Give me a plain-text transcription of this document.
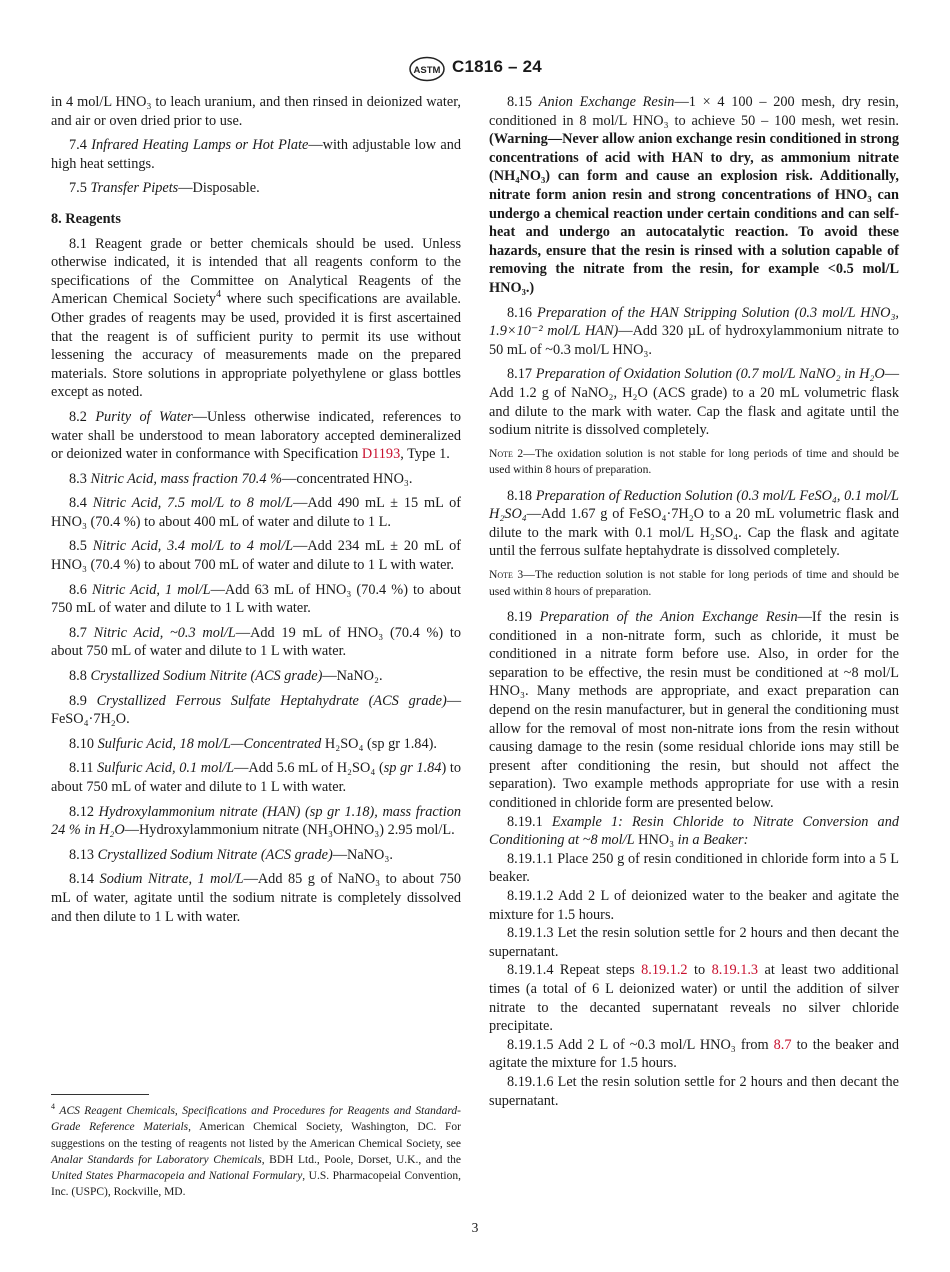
ASTM C1816 – 24

in 4 mol/L HNO₃ to leach uranium, and then rinsed in deionized water, and air or oven dried prior to use.

7.4 Infrared Heating Lamps or Hot Plate—with adjustable low and high heat settings.

7.5 Transfer Pipets—Disposable.

8. Reagents

8.1 Reagent grade or better chemicals should be used. Unless otherwise indicated, it is intended that all reagents conform to the specifications of the Committee on Analytical Reagents of the American Chemical Society$^4$ where such specifications are available. Other grades of reagents may be used, provided it is first ascertained that the reagent is of sufficient purity to permit its use without lessening the accuracy of measurements made on the prepared materials. Store solutions in appropriate polyethylene or glass bottles except as noted.

8.2 Purity of Water—Unless otherwise indicated, references to water shall be understood to mean laboratory accepted demineralized or deionized water in conformance with Specification D1193, Type 1.

8.3 Nitric Acid, mass fraction 70.4 %—concentrated HNO₃.

8.4 Nitric Acid, 7.5 mol/L to 8 mol/L—Add 490 mL ± 15 mL of HNO₃ (70.4 %) to about 400 mL of water and dilute to 1 L.

8.5 Nitric Acid, 3.4 mol/L to 4 mol/L—Add 234 mL ± 20 mL of HNO₃ (70.4 %) to about 700 mL of water and dilute to 1 L with water.

8.6 Nitric Acid, 1 mol/L—Add 63 mL of HNO₃ (70.4 %) to about 750 mL of water and dilute to 1 L with water.

8.7 Nitric Acid, ~0.3 mol/L—Add 19 mL of HNO₃ (70.4 %) to about 750 mL of water and dilute to 1 L with water.

8.8 Crystallized Sodium Nitrite (ACS grade)—NaNO₂.

8.9 Crystallized Ferrous Sulfate Heptahydrate (ACS grade)—FeSO₄·7H₂O.

8.10 Sulfuric Acid, 18 mol/L—Concentrated H₂SO₄ (sp gr 1.84).

8.11 Sulfuric Acid, 0.1 mol/L—Add 5.6 mL of H₂SO₄ (sp gr 1.84) to about 750 mL of water and dilute to 1 L with water.

8.12 Hydroxylammonium nitrate (HAN) (sp gr 1.18), mass fraction 24 % in H₂O—Hydroxylammonium nitrate (NH₃OHNO₃) 2.95 mol/L.

8.13 Crystallized Sodium Nitrate (ACS grade)—NaNO₃.

8.14 Sodium Nitrate, 1 mol/L—Add 85 g of NaNO₃ to about 750 mL of water, agitate until the sodium nitrate is completely dissolved and then dilute to 1 L with water.

$^4$ ACS Reagent Chemicals, Specifications and Procedures for Reagents and Standard-Grade Reference Materials, American Chemical Society, Washington, DC. For suggestions on the testing of reagents not listed by the American Chemical Society, see Analar Standards for Laboratory Chemicals, BDH Ltd., Poole, Dorset, U.K., and the United States Pharmacopeia and National Formulary, U.S. Pharmacopeial Convention, Inc. (USPC), Rockville, MD.

8.15 Anion Exchange Resin—1 × 4 100 – 200 mesh, dry resin, conditioned in 8 mol/L HNO₃ to achieve 50 – 100 mesh, wet resin. (Warning—Never allow anion exchange resin conditioned in strong concentrations of acid with HAN to dry, as ammonium nitrate (NH₄NO₃) can form and cause an explosion risk. Additionally, nitrate form anion resin and strong concentrations of HNO₃ can undergo a chemical reaction under certain conditions and can self-heat and undergo an autocatalytic reaction. To avoid these hazards, ensure that the resin is rinsed with a solution capable of removing the nitrate from the resin, for example <0.5 mol/L HNO₃.)

8.16 Preparation of the HAN Stripping Solution (0.3 mol/L HNO₃, 1.9×10⁻² mol/L HAN)—Add 320 µL of hydroxylammonium nitrate to 50 mL of ~0.3 mol/L HNO₃.

8.17 Preparation of Oxidation Solution (0.7 mol/L NaNO₂ in H₂O—Add 1.2 g of NaNO₂, H₂O (ACS grade) to a 20 mL volumetric flask and dilute to the mark with water. Cap the flask and agitate until the sodium nitrite is dissolved completely.

Note 2—The oxidation solution is not stable for long periods of time and should be used within 8 hours of preparation.

8.18 Preparation of Reduction Solution (0.3 mol/L FeSO₄, 0.1 mol/L H₂SO₄—Add 1.67 g of FeSO₄·7H₂O to a 20 mL volumetric flask and dilute to the mark with 0.1 mol/L H₂SO₄. Cap the flask and agitate until the ferrous sulfate heptahydrate is dissolved completely.

Note 3—The reduction solution is not stable for long periods of time and should be used within 8 hours of preparation.

8.19 Preparation of the Anion Exchange Resin—If the resin is conditioned in a non-nitrate form, such as chloride, it must be conditioned in a nitrate form before use. Also, in order for the separation to be effective, the resin must be conditioned at ~8 mol/L HNO₃. Many methods are appropriate, and exact preparation can depend on the resin manufacturer, but in general the conditioning must allow for the removal of most non-nitrate ions from the resin without causing damage to the resin (some residual chloride ions may still be present after conditioning the resin, but should not affect the separation). Two example methods appropriate for use with a resin conditioned in chloride form are presented below.

8.19.1 Example 1: Resin Chloride to Nitrate Conversion and Conditioning at ~8 mol/L HNO₃ in a Beaker:

8.19.1.1 Place 250 g of resin conditioned in chloride form into a 5 L beaker.

8.19.1.2 Add 2 L of deionized water to the beaker and agitate the mixture for 1.5 hours.

8.19.1.3 Let the resin solution settle for 2 hours and then decant the supernatant.

8.19.1.4 Repeat steps 8.19.1.2 to 8.19.1.3 at least two additional times (a total of 6 L deionized water) or until the addition of silver nitrate to the decanted supernatant reveals no silver chloride precipitate.

8.19.1.5 Add 2 L of ~0.3 mol/L HNO₃ from 8.7 to the beaker and agitate the mixture for 1.5 hours.

8.19.1.6 Let the resin solution settle for 2 hours and then decant the supernatant.

3
